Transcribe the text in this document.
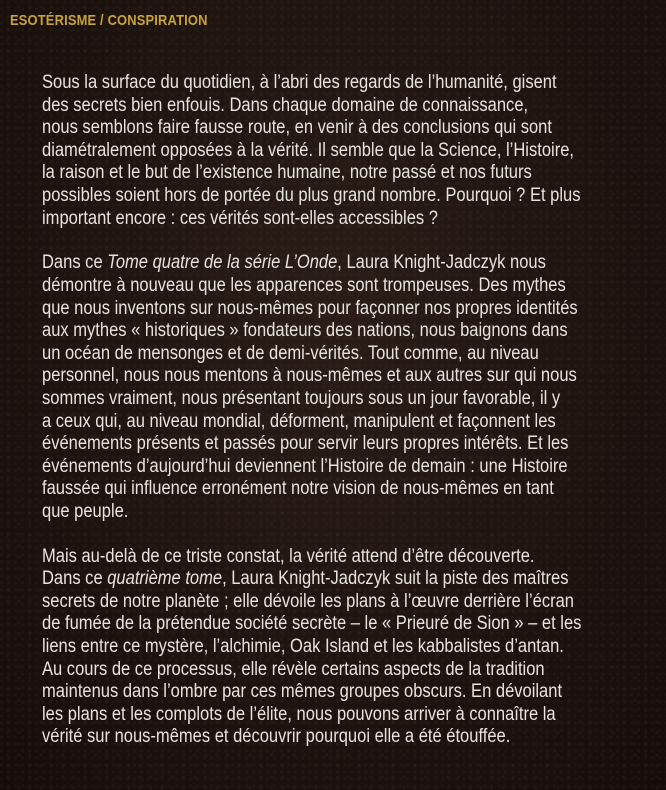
ESOTÉRISME / CONSPIRATION

Sous la surface du quotidien, à l’abri des regards de l’humanité, gisent
des secrets bien enfouis. Dans chaque domaine de connaissance,
nous semblons faire fausse route, en venir à des conclusions qui sont
diamétralement opposées à la vérité. Il semble que la Science, l’Histoire,
la raison et le but de l’existence humaine, notre passé et nos futurs
possibles soient hors de portée du plus grand nombre. Pourquoi ? Et plus
important encore : ces vérités sont-elles accessibles ?

Dans ce Tome quatre de la série L’Onde, Laura Knight-Jadczyk nous
démontre à nouveau que les apparences sont trompeuses. Des mythes
que nous inventons sur nous-mêmes pour façonner nos propres identités
aux mythes « historiques » fondateurs des nations, nous baignons dans
un océan de mensonges et de demi-vérités. Tout comme, au niveau
personnel, nous nous mentons à nous-mêmes et aux autres sur qui nous
sommes vraiment, nous présentant toujours sous un jour favorable, il y
a ceux qui, au niveau mondial, déforment, manipulent et façonnent les
événements présents et passés pour servir leurs propres intérêts. Et les
événements d’aujourd’hui deviennent l’Histoire de demain : une Histoire
faussée qui influence erronément notre vision de nous-mêmes en tant
que peuple.

Mais au-delà de ce triste constat, la vérité attend d’être découverte.
Dans ce quatrième tome, Laura Knight-Jadczyk suit la piste des maîtres
secrets de notre planète ; elle dévoile les plans à l’œuvre derrière l’écran
de fumée de la prétendue société secrète – le « Prieuré de Sion » – et les
liens entre ce mystère, l’alchimie, Oak Island et les kabbalistes d’antan.
Au cours de ce processus, elle révèle certains aspects de la tradition
maintenus dans l’ombre par ces mêmes groupes obscurs. En dévoilant
les plans et les complots de l’élite, nous pouvons arriver à connaître la
vérité sur nous-mêmes et découvrir pourquoi elle a été étouffée.
